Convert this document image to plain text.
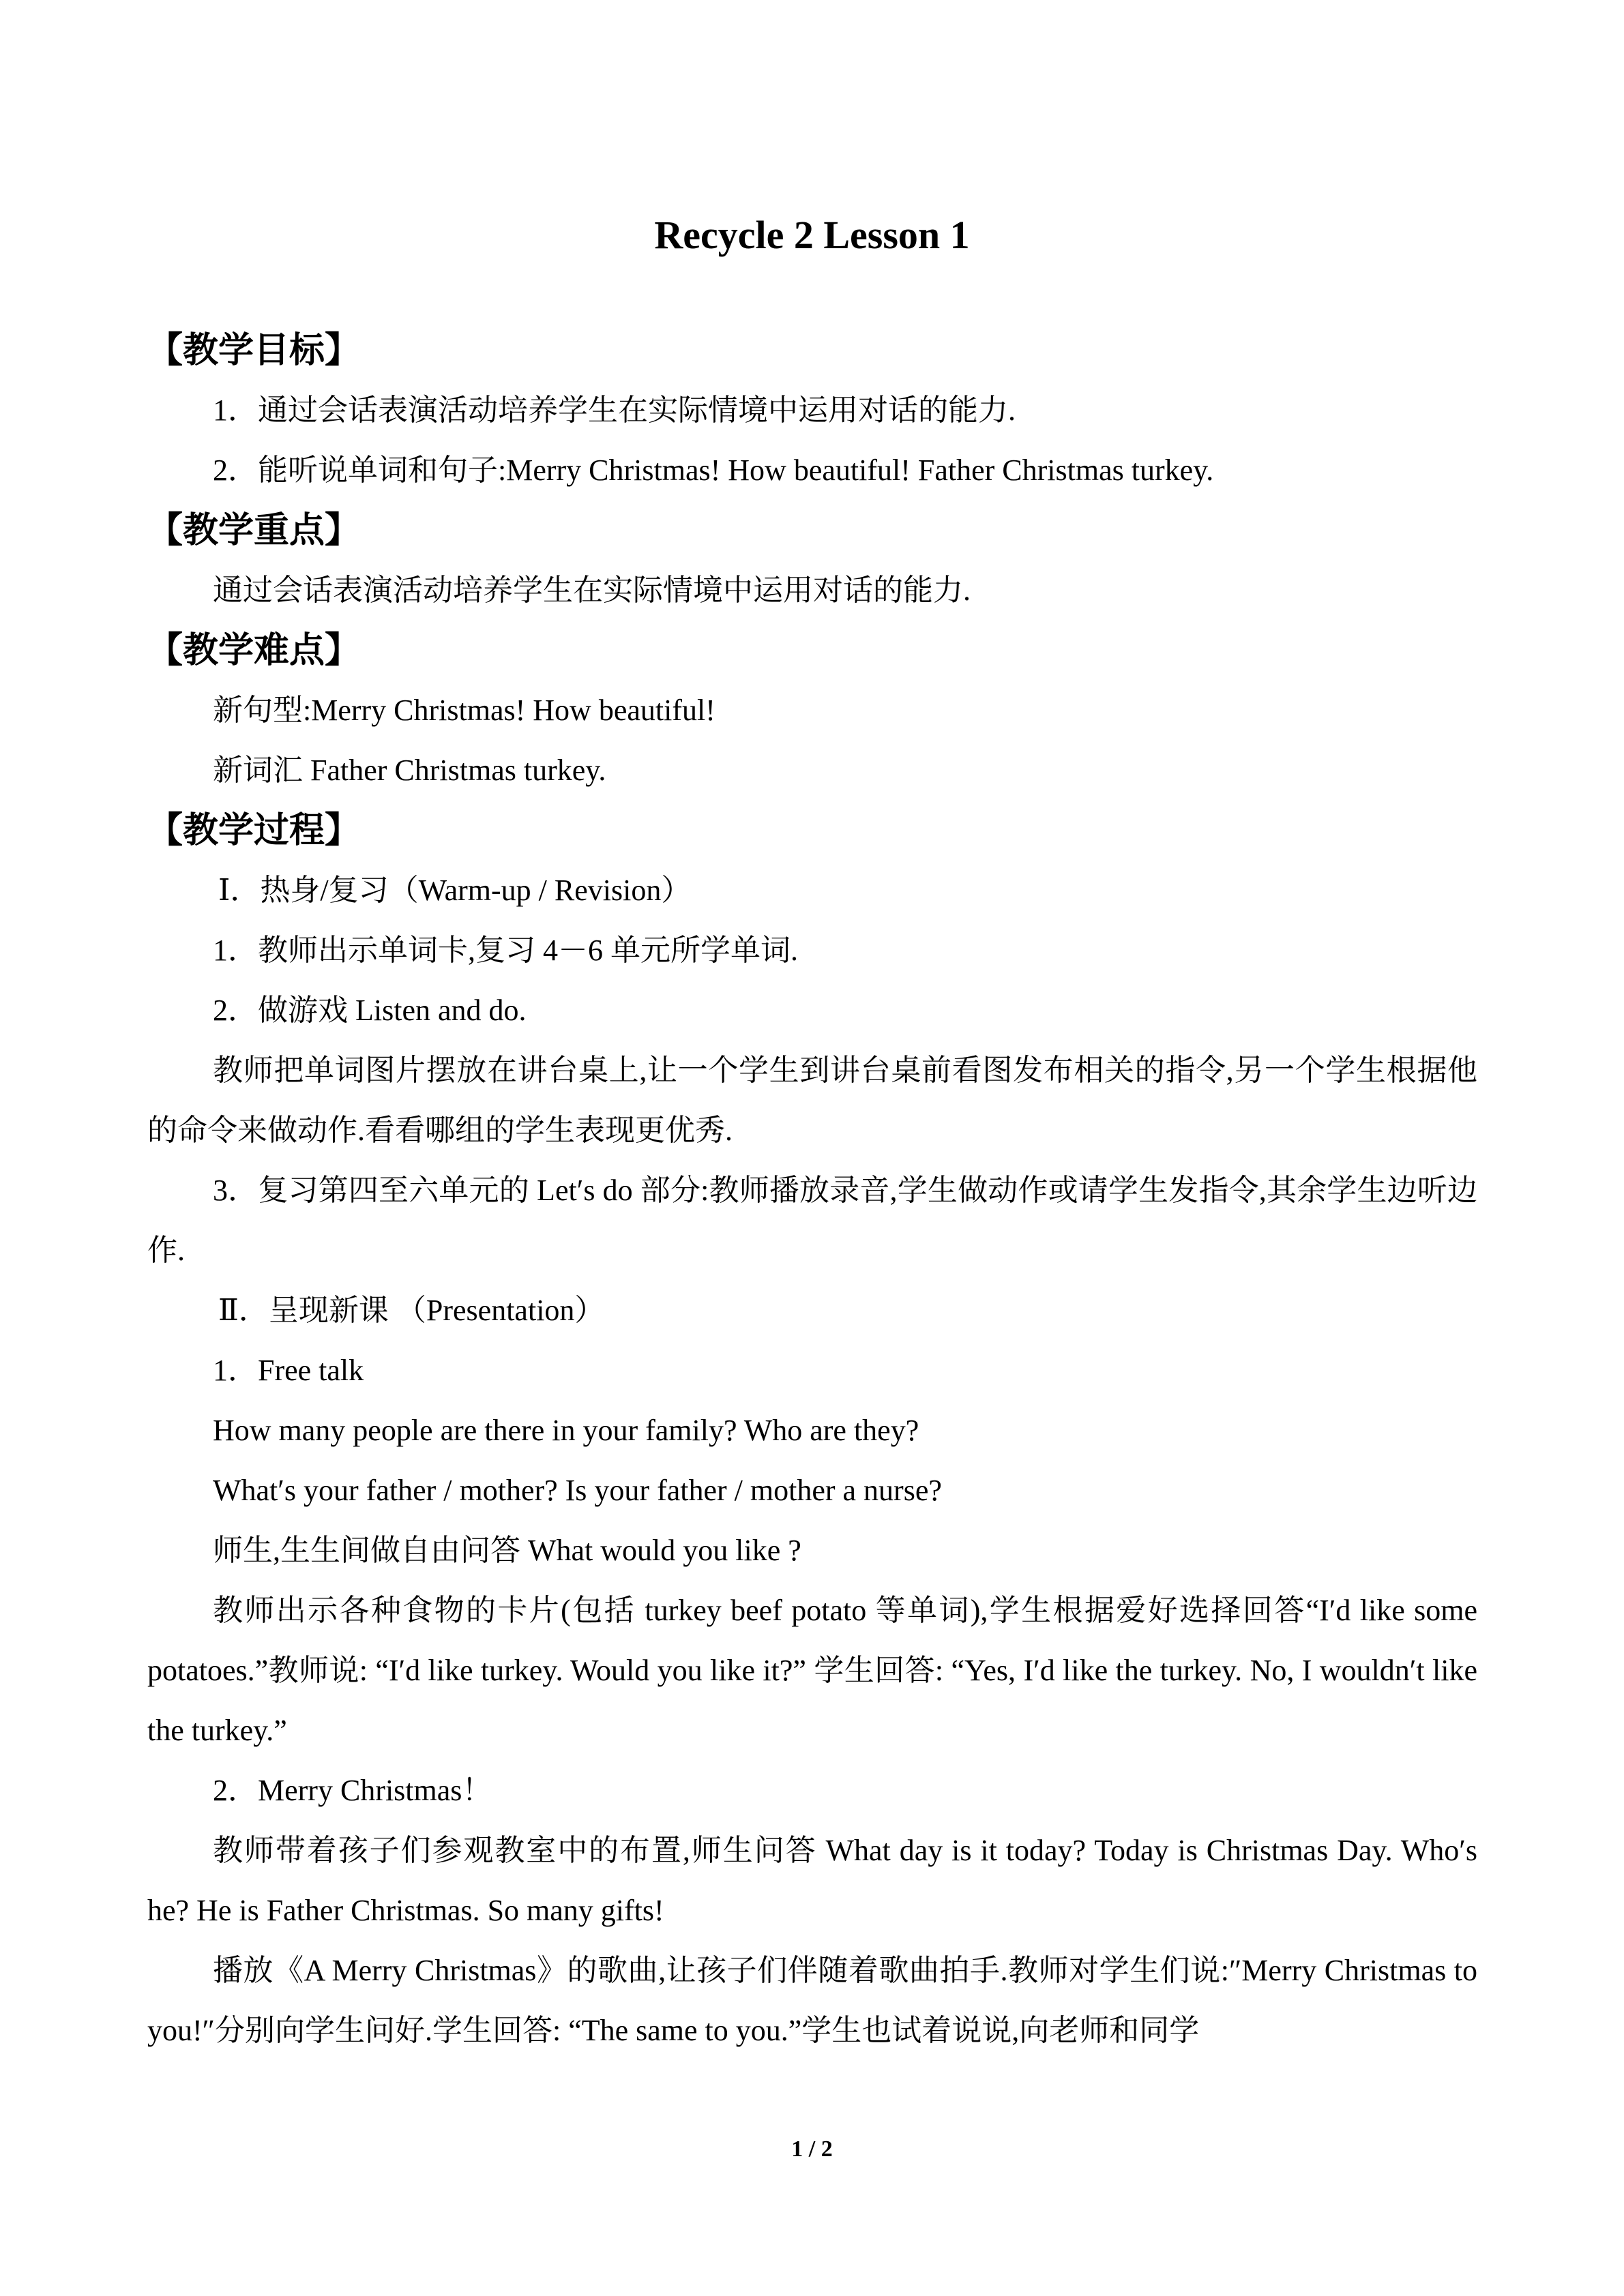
Recycle 2 Lesson 1
【教学目标】
1．通过会话表演活动培养学生在实际情境中运用对话的能力.
2．能听说单词和句子:Merry Christmas! How beautiful! Father Christmas turkey.
【教学重点】
通过会话表演活动培养学生在实际情境中运用对话的能力.
【教学难点】
新句型:Merry Christmas! How beautiful!
新词汇 Father Christmas turkey.
【教学过程】
Ⅰ．热身/复习（Warm-up / Revision）
1．教师出示单词卡,复习 4－6 单元所学单词.
2．做游戏 Listen and do.
教师把单词图片摆放在讲台桌上,让一个学生到讲台桌前看图发布相关的指令,另一个学生根据他的命令来做动作.看看哪组的学生表现更优秀.
3．复习第四至六单元的 Let′s do 部分:教师播放录音,学生做动作或请学生发指令,其余学生边听边作.
Ⅱ．呈现新课 （Presentation）
1．Free talk
How many people are there in your family? Who are they?
What′s your father / mother? Is your father / mother a nurse?
师生,生生间做自由问答 What would you like ?
教师出示各种食物的卡片(包括 turkey beef potato 等单词),学生根据爱好选择回答“I′d like some potatoes.”教师说: “I′d like turkey. Would you like it?” 学生回答: “Yes, I′d like the turkey. No, I wouldn′t like the turkey.”
2．Merry Christmas！
教师带着孩子们参观教室中的布置,师生问答 What day is it today? Today is Christmas Day. Who′s he? He is Father Christmas. So many gifts!
播放《A Merry Christmas》的歌曲,让孩子们伴随着歌曲拍手.教师对学生们说:″Merry Christmas to you!″分别向学生问好.学生回答: “The same to you.”学生也试着说说,向老师和同学
1 / 2
